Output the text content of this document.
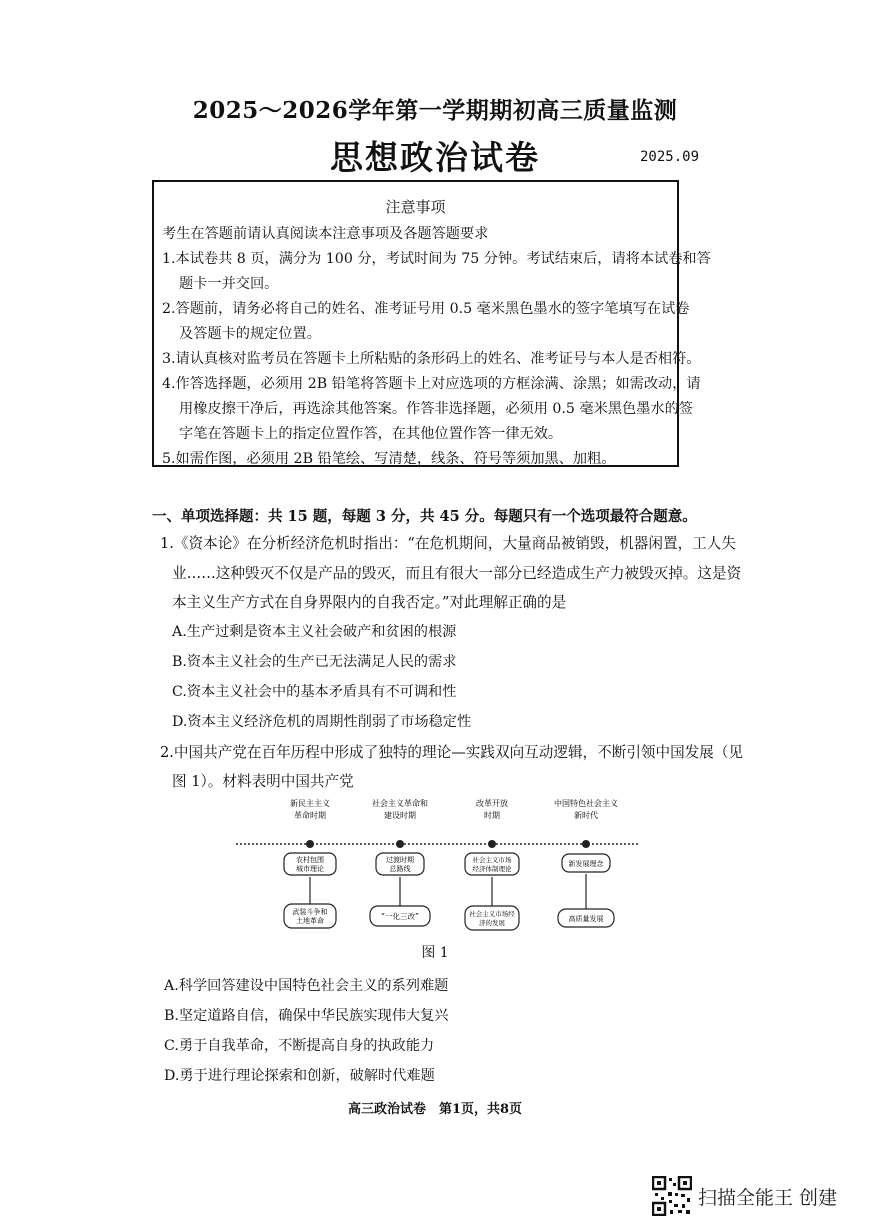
2025～2026学年第一学期期初高三质量监测
思想政治试卷	2025.09
注意事项
考生在答题前请认真阅读本注意事项及各题答题要求
1.本试卷共 8 页，满分为 100 分，考试时间为 75 分钟。考试结束后，请将本试卷和答
题卡一并交回。
2.答题前，请务必将自己的姓名、准考证号用 0.5 毫米黑色墨水的签字笔填写在试卷
及答题卡的规定位置。
3.请认真核对监考员在答题卡上所粘贴的条形码上的姓名、准考证号与本人是否相符。
4.作答选择题，必须用 2B 铅笔将答题卡上对应选项的方框涂满、涂黑；如需改动，请
用橡皮擦干净后，再选涂其他答案。作答非选择题，必须用 0.5 毫米黑色墨水的签
字笔在答题卡上的指定位置作答，在其他位置作答一律无效。
5.如需作图，必须用 2B 铅笔绘、写清楚，线条、符号等须加黑、加粗。
一、单项选择题：共 15 题，每题 3 分，共 45 分。每题只有一个选项最符合题意。
1.《资本论》在分析经济危机时指出：“在危机期间，大量商品被销毁，机器闲置，工人失
业……这种毁灭不仅是产品的毁灭，而且有很大一部分已经造成生产力被毁灭掉。这是资
本主义生产方式在自身界限内的自我否定。”对此理解正确的是
A.生产过剩是资本主义社会破产和贫困的根源
B.资本主义社会的生产已无法满足人民的需求
C.资本主义社会中的基本矛盾具有不可调和性
D.资本主义经济危机的周期性削弱了市场稳定性
2.中国共产党在百年历程中形成了独特的理论—实践双向互动逻辑，不断引领中国发展（见
图 1）。材料表明中国共产党
新民主主义
革命时期
农村包围
城市理论
武装斗争和
土地革命
社会主义革命和
建设时期
过渡时期
总路线
“一化三改”
改革开放
时期
社会主义市场
经济体制理论
社会主义市场经
济的发展
中国特色社会主义
新时代
新发展理念
高质量发展
图 1
A.科学回答建设中国特色社会主义的系列难题
B.坚定道路自信，确保中华民族实现伟大复兴
C.勇于自我革命，不断提高自身的执政能力
D.勇于进行理论探索和创新，破解时代难题
高三政治试卷　第1页，共8页
扫描全能王 创建
